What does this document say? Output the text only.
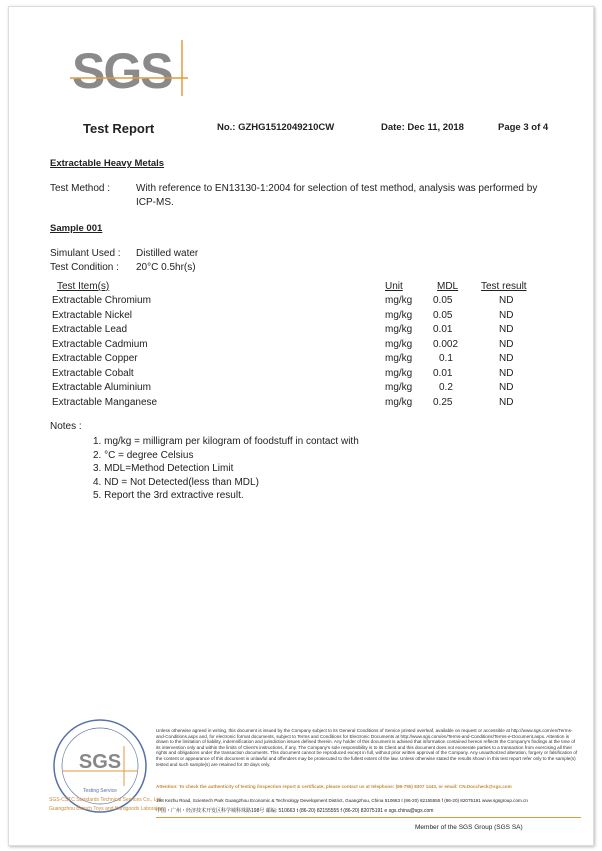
SGS
Test Report	No.: GZHG1512049210CW	Date: Dec 11, 2018	Page 3 of 4
Extractable Heavy Metals
Test Method :	With reference to EN13130-1:2004 for selection of test method, analysis was performed by
ICP-MS.
Sample 001
Simulant Used : Distilled water
Test Condition : 20°C 0.5hr(s)
Test Item(s)	Unit	MDL Test result
Extractable Chromium	mg/kg 0.05	ND
Extractable Nickel	mg/kg 0.05	ND
Extractable Lead	mg/kg 0.01	ND
Extractable Cadmium	mg/kg 0.002	ND
Extractable Copper	mg/kg	0.1	ND
Extractable Cobalt	mg/kg 0.01	ND
Extractable Aluminium	mg/kg	0.2	ND
Extractable Manganese	mg/kg 0.25	ND
Notes :
1. mg/kg = milligram per kilogram of foodstuff in contact with
2. °C = degree Celsius
3. MDL=Method Detection Limit
4. ND = Not Detected(less than MDL)
5. Report the 3rd extractive result.
SGS
Testing Service
SGS-CSTC Standards Technical Services Co., Ltd
Guangzhou Branch Toys and Hardgoods Laboratory
Unless otherwise agreed in writing, this document is issued by the Company subject to its General Conditions of Service printed overleaf, available on request or accessible at http://www.sgs.com/en/Terms-and-Conditions.aspx and, for electronic format documents, subject to Terms and Conditions for Electronic Documents at http://www.sgs.com/en/Terms-and-Conditions/Terms-e-Document.aspx. Attention is drawn to the limitation of liability, indemnification and jurisdiction issues defined therein. Any holder of this document is advised that information contained hereon reflects the Company's findings at the time of its intervention only and within the limits of Client's instructions, if any. The Company's sole responsibility is to its Client and this document does not exonerate parties to a transaction from exercising all their rights and obligations under the transaction documents. This document cannot be reproduced except in full, without prior written approval of the Company. Any unauthorized alteration, forgery or falsification of the content or appearance of this document is unlawful and offenders may be prosecuted to the fullest extent of the law. Unless otherwise stated the results shown in this test report refer only to the sample(s) tested and such sample(s) are retained for 30 days only.
Attention: To check the authenticity of testing /inspection report & certificate, please contact us at telephone: (86-755) 8307 1443, or email: CN.Doccheck@sgs.com
198 Kezhu Road, Scientech Park Guangzhou Economic & Technology Development District, Guangzhou, China 510663 t (86-20) 82155555 f (86-20) 82075191 www.sgsgroup.com.cn
中国・广州・经济技术开发区科学城科珠路198号 邮编: 510663 t (86-20) 82155555 f (86-20) 82075191 e sgs.china@sgs.com
Member of the SGS Group (SGS SA)
